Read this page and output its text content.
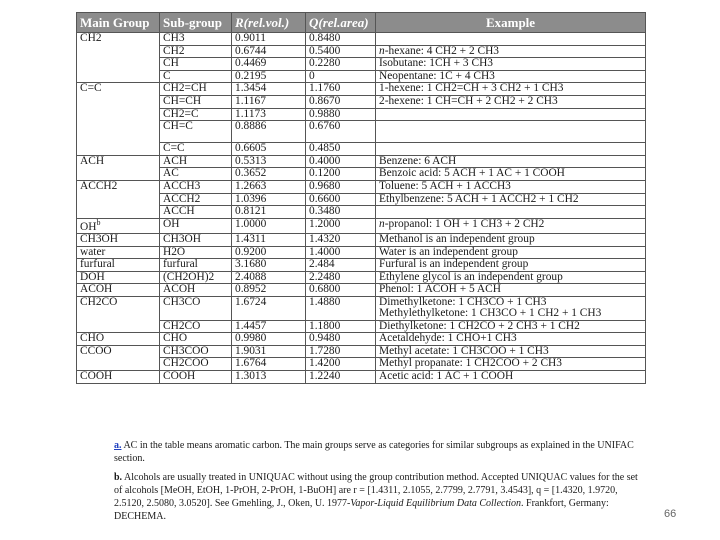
Main Group	Sub-group	R(rel.vol.)	Q(rel.area)	Example
CH2	CH3	0.9011	0.8480	
	CH2	0.6744	0.5400	n-hexane: 4 CH2 + 2 CH3
	CH	0.4469	0.2280	Isobutane: 1CH + 3 CH3
	C	0.2195	0	Neopentane: 1C + 4 CH3
C=C	CH2=CH	1.3454	1.1760	1-hexene: 1 CH2=CH + 3 CH2 + 1 CH3
	CH=CH	1.1167	0.8670	2-hexene: 1 CH=CH + 2 CH2 + 2 CH3
	CH2=C	1.1173	0.9880	
	CH=C	0.8886	0.6760	
	C=C	0.6605	0.4850	
ACH	ACH	0.5313	0.4000	Benzene: 6 ACH
	AC	0.3652	0.1200	Benzoic acid: 5 ACH + 1 AC + 1 COOH
ACCH2	ACCH3	1.2663	0.9680	Toluene: 5 ACH + 1 ACCH3
	ACCH2	1.0396	0.6600	Ethylbenzene: 5 ACH + 1 ACCH2 + 1 CH2
	ACCH	0.8121	0.3480	
$OH^b$	OH	1.0000	1.2000	n-propanol: 1 OH + 1 CH3 + 2 CH2
CH3OH	CH3OH	1.4311	1.4320	Methanol is an independent group
water	H2O	0.9200	1.4000	Water is an independent group
furfural	furfural	3.1680	2.484	Furfural is an independent group
DOH	(CH2OH)2	2.4088	2.2480	Ethylene glycol is an independent group
ACOH	ACOH	0.8952	0.6800	Phenol: 1 ACOH + 5 ACH
CH2CO	CH3CO	1.6724	1.4880	Dimethylketone: 1 CH3CO + 1 CH3
Methylethylketone: 1 CH3CO + 1 CH2 + 1 CH3
	CH2CO	1.4457	1.1800	Diethylketone: 1 CH2CO + 2 CH3 + 1 CH2
CHO	CHO	0.9980	0.9480	Acetaldehyde: 1 CHO+1 CH3
CCOO	CH3COO	1.9031	1.7280	Methyl acetate: 1 CH3COO + 1 CH3
	CH2COO	1.6764	1.4200	Methyl propanate: 1 CH2COO + 2 CH3
COOH	COOH	1.3013	1.2240	Acetic acid: 1 AC + 1 COOH

a. AC in the table means aromatic carbon. The main groups serve as categories for similar subgroups as explained in the UNIFAC section.

b. Alcohols are usually treated in UNIQUAC without using the group contribution method. Accepted UNIQUAC values for the set of alcohols [MeOH, EtOH, 1-PrOH, 2-PrOH, 1-BuOH] are r = [1.4311, 2.1055, 2.7799, 2.7791, 3.4543], q = [1.4320, 1.9720, 2.5120, 2.5080, 3.0520]. See Gmehling, J., Oken, U. 1977-Vapor-Liquid Equilibrium Data Collection. Frankfort, Germany: DECHEMA.	66
